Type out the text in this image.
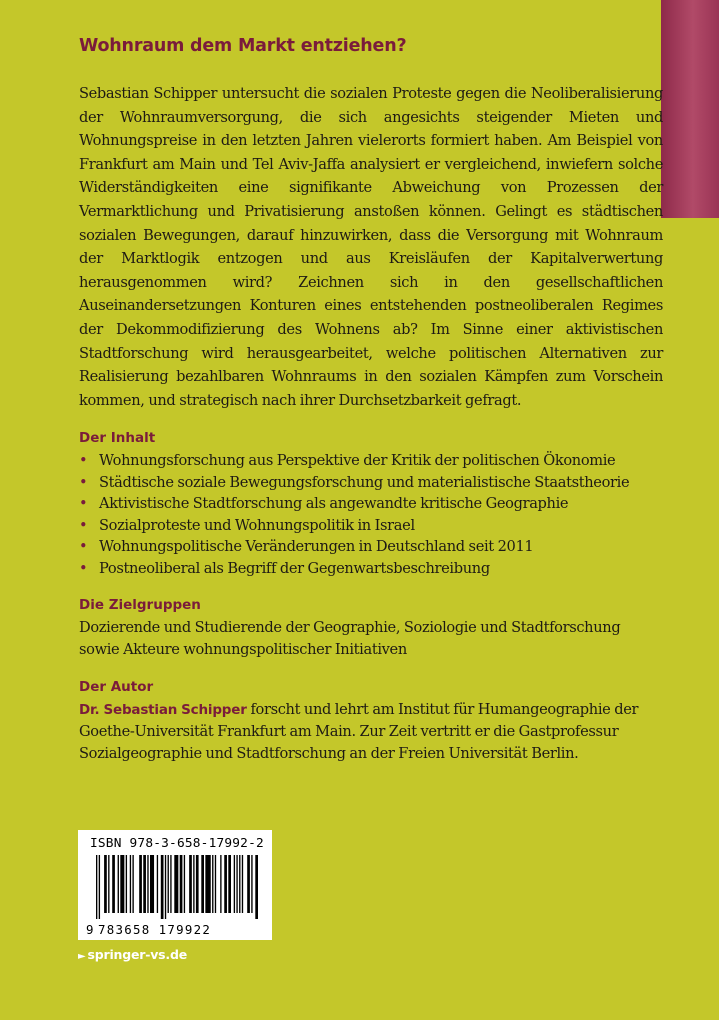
Wohnraum dem Markt entziehen?

Sebastian Schipper untersucht die sozialen Proteste gegen die Neoliberalisierung der Wohnraumversorgung, die sich angesichts steigender Mieten und Wohnungspreise in den letzten Jahren vielerorts formiert haben. Am Beispiel von Frankfurt am Main und Tel Aviv-Jaffa analysiert er vergleichend, inwiefern solche Widerständigkeiten eine signifikante Abweichung von Prozessen der Vermarktlichung und Privatisierung anstoßen können. Gelingt es städtischen sozialen Bewegungen, darauf hinzuwirken, dass die Versorgung mit Wohnraum der Marktlogik entzogen und aus Kreisläufen der Kapitalverwertung herausgenommen wird? Zeichnen sich in den gesellschaftlichen Auseinandersetzungen Konturen eines entstehenden postneoliberalen Regimes der Dekommodifizierung des Wohnens ab? Im Sinne einer aktivistischen Stadtforschung wird herausgearbeitet, welche politischen Alternativen zur Realisierung bezahlbaren Wohnraums in den sozialen Kämpfen zum Vorschein kommen, und strategisch nach ihrer Durchsetzbarkeit gefragt.

Der Inhalt
• Wohnungsforschung aus Perspektive der Kritik der politischen Ökonomie
• Städtische soziale Bewegungsforschung und materialistische Staatstheorie
• Aktivistische Stadtforschung als angewandte kritische Geographie
• Sozialproteste und Wohnungspolitik in Israel
• Wohnungspolitische Veränderungen in Deutschland seit 2011
• Postneoliberal als Begriff der Gegenwartsbeschreibung
Die Zielgruppen

Dozierende und Studierende der Geographie, Soziologie und Stadtforschung sowie Akteure wohnungspolitischer Initiativen

Der Autor

Dr. Sebastian Schipper forscht und lehrt am Institut für Humangeographie der Goethe-Universität Frankfurt am Main. Zur Zeit vertritt er die Gastprofessur Sozialgeographie und Stadtforschung an der Freien Universität Berlin.

ISBN 978-3-658-17992-2
9 783658 179922
► springer-vs.de
